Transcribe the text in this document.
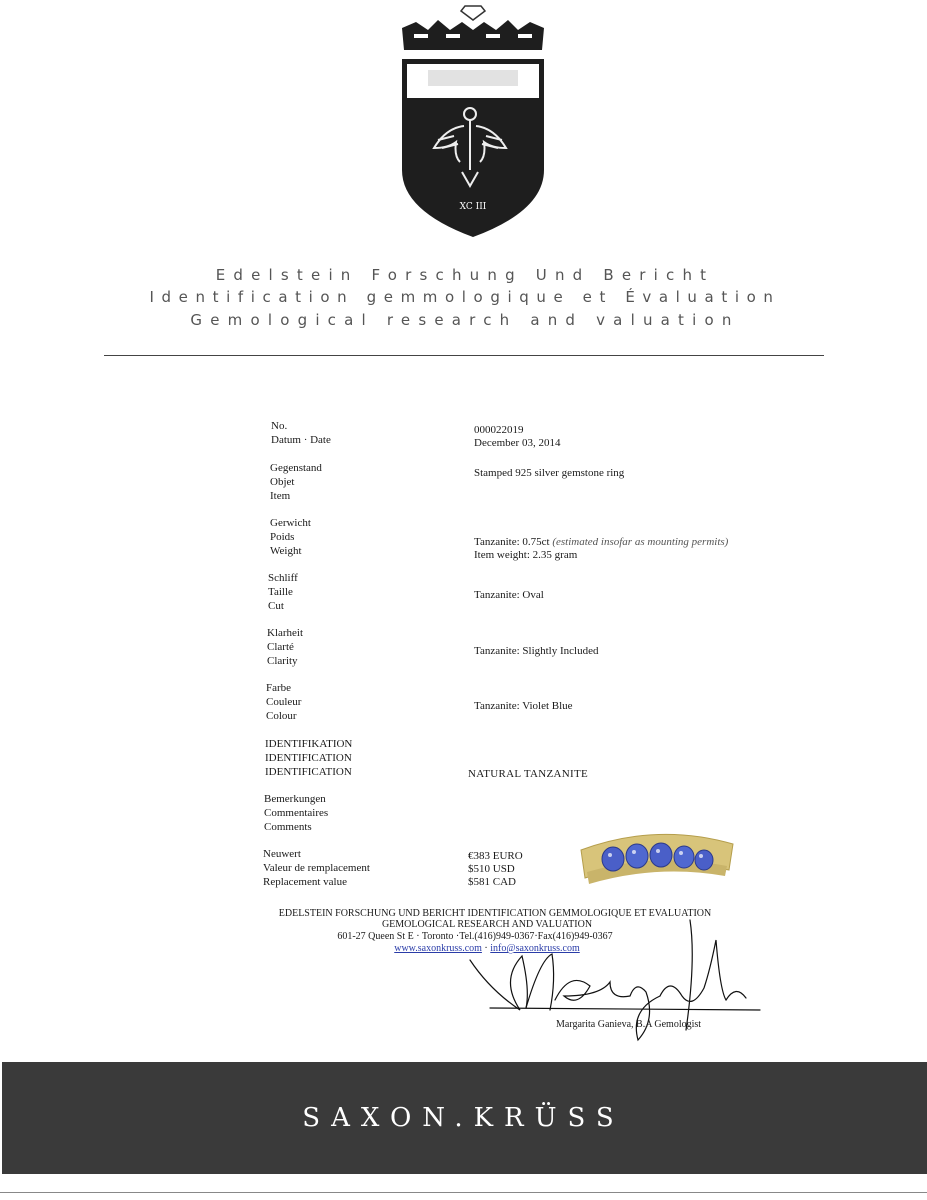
XC III
Edelstein Forschung Und Bericht
Identification gemmologique et Évaluation
Gemological research and valuation
No.
Datum · Date
Gegenstand
Objet
Item
Gerwicht
Poids
Weight
Schliff
Taille
Cut
Klarheit
Clarté
Clarity
Farbe
Couleur
Colour
IDENTIFIKATION
IDENTIFICATION
IDENTIFICATION
Bemerkungen
Commentaires
Comments
Neuwert
Valeur de remplacement
Replacement value
000022019
December 03, 2014
Stamped 925 silver gemstone ring
Tanzanite: 0.75ct (estimated insofar as mounting permits)
Item weight: 2.35 gram
Tanzanite: Oval
Tanzanite: Slightly Included
Tanzanite: Violet Blue
NATURAL TANZANITE
€383 EURO
$510 USD
$581 CAD
EDELSTEIN FORSCHUNG UND BERICHT IDENTIFICATION GEMMOLOGIQUE ET EVALUATION
GEMOLOGICAL RESEARCH AND VALUATION
601-27 Queen St E · Toronto ·Tel.(416)949-0367·Fax(416)949-0367
www.saxonkruss.com · info@saxonkruss.com
Margarita Ganieva, B.A Gemologist
SAXON.KRÜSS
